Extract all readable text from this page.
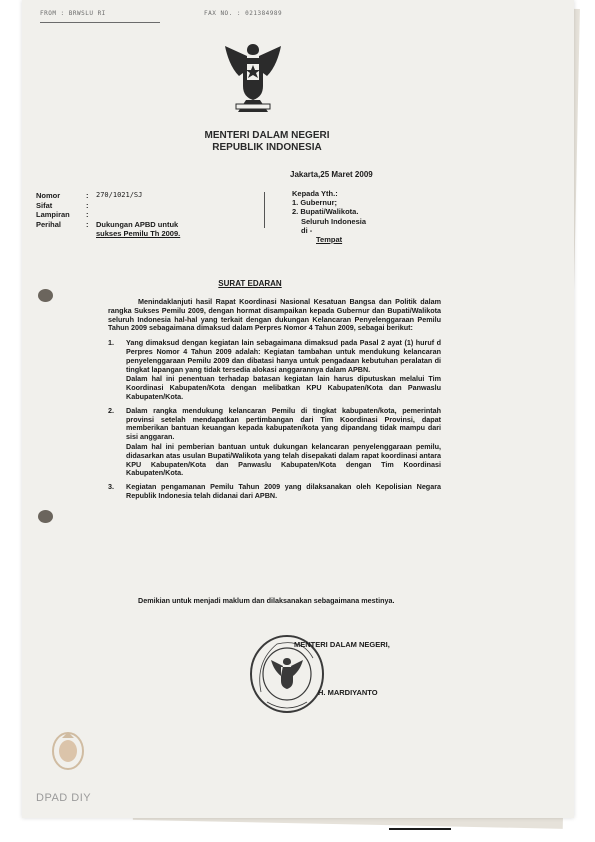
FROM : BRWSLU RI	FAX NO. : 021384989
MENTERI DALAM NEGERI
REPUBLIK INDONESIA
Jakarta,25 Maret 2009
Nomor	:	270/1021/SJ
Sifat	:
Lampiran	:
Perihal	:	Dukungan APBD untuk
sukses Pemilu Th 2009.
Kepada Yth.:
1. Gubernur;
2. Bupati/Walikota.
Seluruh Indonesia
di -
Tempat
SURAT EDARAN

Menindaklanjuti hasil Rapat Koordinasi Nasional Kesatuan Bangsa dan Politik dalam rangka Sukses Pemilu 2009, dengan hormat disampaikan kepada Gubernur dan Bupati/Walikota seluruh Indonesia hal-hal yang terkait dengan dukungan Kelancaran Penyelenggaraan Pemilu Tahun 2009 sebagaimana dimaksud dalam Perpres Nomor 4 Tahun 2009, sebagai berikut:

1. Yang dimaksud dengan kegiatan lain sebagaimana dimaksud pada Pasal 2 ayat (1) huruf d Perpres Nomor 4 Tahun 2009 adalah: Kegiatan tambahan untuk mendukung kelancaran penyelenggaraan Pemilu 2009 dan dibatasi hanya untuk pengadaan kebutuhan peralatan di tingkat lapangan yang tidak tersedia alokasi anggarannya dalam APBN.
Dalam hal ini penentuan terhadap batasan kegiatan lain harus diputuskan melalui Tim Koordinasi Kabupaten/Kota dengan melibatkan KPU Kabupaten/Kota dan Panwaslu Kabupaten/Kota.
2. Dalam rangka mendukung kelancaran Pemilu di tingkat kabupaten/kota, pemerintah provinsi setelah mendapatkan pertimbangan dari Tim Koordinasi Provinsi, dapat memberikan bantuan keuangan kepada kabupaten/kota yang dipandang tidak mampu dari sisi anggaran.
Dalam hal ini pemberian bantuan untuk dukungan kelancaran penyelenggaraan pemilu, didasarkan atas usulan Bupati/Walikota yang telah disepakati dalam rapat koordinasi antara KPU Kabupaten/Kota dan Panwaslu Kabupaten/Kota dengan Tim Koordinasi Kabupaten/Kota.
3. Kegiatan pengamanan Pemilu Tahun 2009 yang dilaksanakan oleh Kepolisian Negara Republik Indonesia telah didanai dari APBN.

Demikian untuk menjadi maklum dan dilaksanakan sebagaimana mestinya.

MENTERI DALAM NEGERI,
H. MARDIYANTO
DPAD DIY
